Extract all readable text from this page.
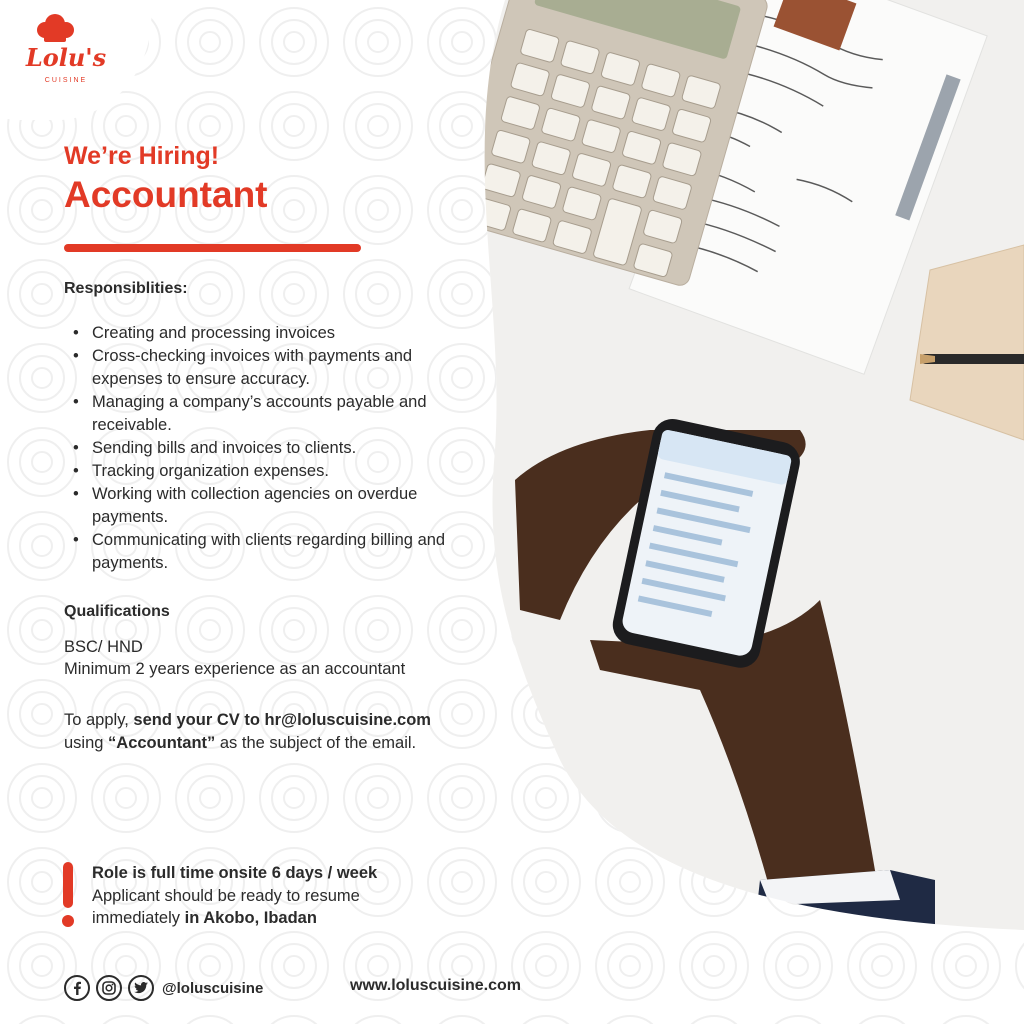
Lolu's
CUISINE
We’re Hiring!
Accountant
Responsiblities:
• Creating and processing invoices
• Cross-checking invoices with payments and expenses to ensure accuracy.
• Managing a company’s accounts payable and receivable.
• Sending bills and invoices to clients.
• Tracking organization expenses.
• Working with collection agencies on overdue payments.
• Communicating with clients regarding billing and payments.
Qualifications
BSC/ HND
Minimum 2 years experience as an accountant

To apply, send your CV to hr@loluscuisine.com using “Accountant” as the subject of the email.

Role is full time onsite 6 days / week
Applicant should be ready to resume immediately in Akobo, Ibadan

@loluscuisine	www.loluscuisine.com
